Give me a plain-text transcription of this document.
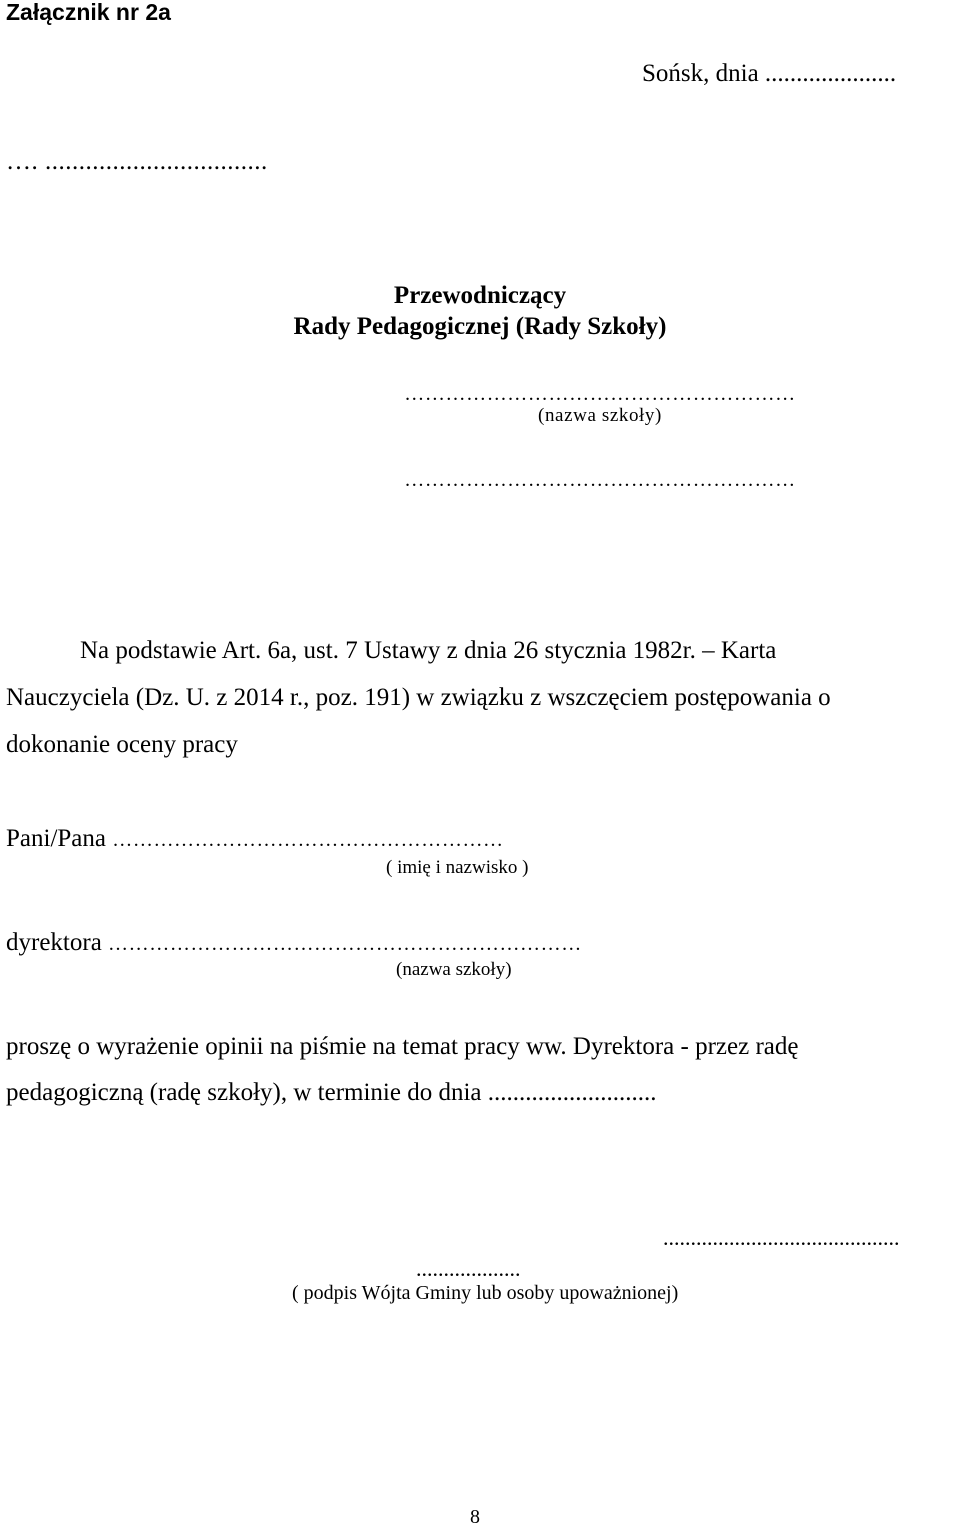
Załącznik nr 2a
Sońsk, dnia .....................
…. .................................
Przewodniczący
Rady Pedagogicznej (Rady Szkoły)
…………………………………………………
(nazwa szkoły)
…………………………………………………
Na podstawie Art. 6a, ust. 7 Ustawy z dnia 26 stycznia 1982r. – Karta
Nauczyciela (Dz. U. z 2014 r., poz. 191) w związku z wszczęciem postępowania o
dokonanie oceny pracy
Pani/Pana …………………………………………………
( imię i nazwisko )
dyrektora ……………………………………………………………
(nazwa szkoły)
proszę o wyrażenie opinii na piśmie na temat pracy ww. Dyrektora - przez radę
pedagogiczną (radę szkoły), w terminie do dnia ...........................
...........................................
...................
( podpis Wójta Gminy lub osoby upoważnionej)
8
